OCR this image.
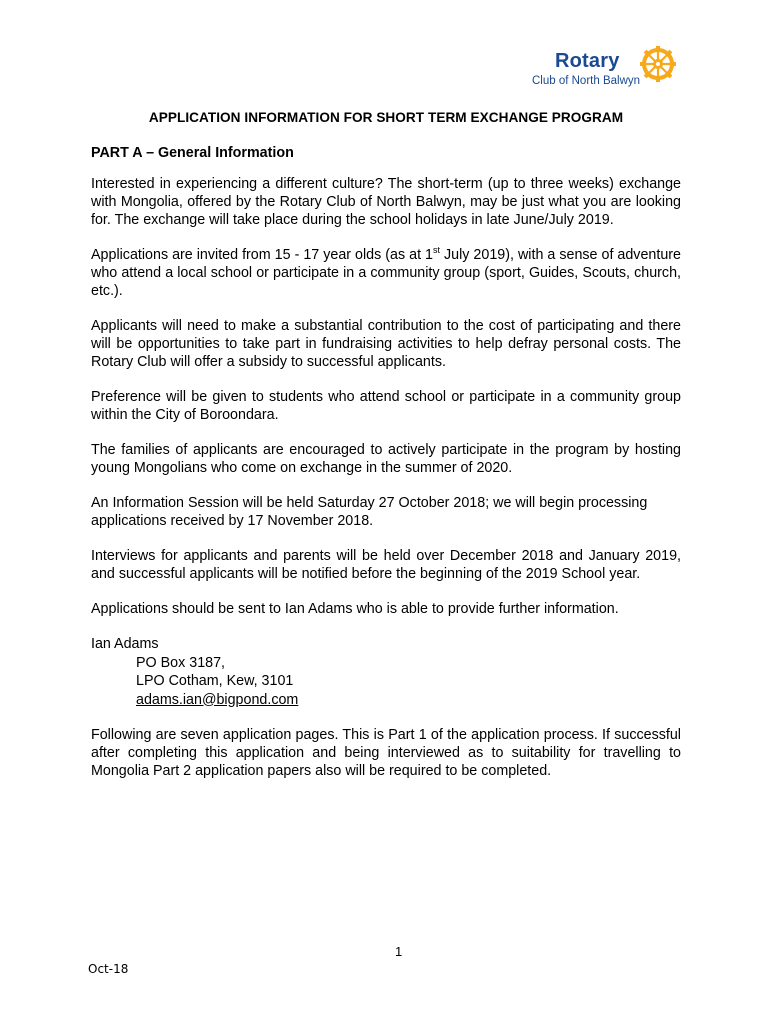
Rotary
Club of North Balwyn
APPLICATION INFORMATION FOR SHORT TERM EXCHANGE PROGRAM
PART A – General Information

Interested in experiencing a different culture? The short-term (up to three weeks) exchange with Mongolia, offered by the Rotary Club of North Balwyn, may be just what you are looking for. The exchange will take place during the school holidays in late June/July 2019.

Applications are invited from 15 - 17 year olds (as at 1st July 2019), with a sense of adventure who attend a local school or participate in a community group (sport, Guides, Scouts, church, etc.).

Applicants will need to make a substantial contribution to the cost of participating and there will be opportunities to take part in fundraising activities to help defray personal costs. The Rotary Club will offer a subsidy to successful applicants.

Preference will be given to students who attend school or participate in a community group within the City of Boroondara.

The families of applicants are encouraged to actively participate in the program by hosting young Mongolians who come on exchange in the summer of 2020.

An Information Session will be held Saturday 27 October 2018; we will begin processing applications received by 17 November 2018.

Interviews for applicants and parents will be held over December 2018 and January 2019, and successful applicants will be notified before the beginning of the 2019 School year.

Applications should be sent to Ian Adams who is able to provide further information.

Ian Adams
PO Box 3187,
LPO Cotham, Kew, 3101
adams.ian@bigpond.com

Following are seven application pages. This is Part 1 of the application process. If successful after completing this application and being interviewed as to suitability for travelling to Mongolia Part 2 application papers also will be required to be completed.

1
Oct-18
